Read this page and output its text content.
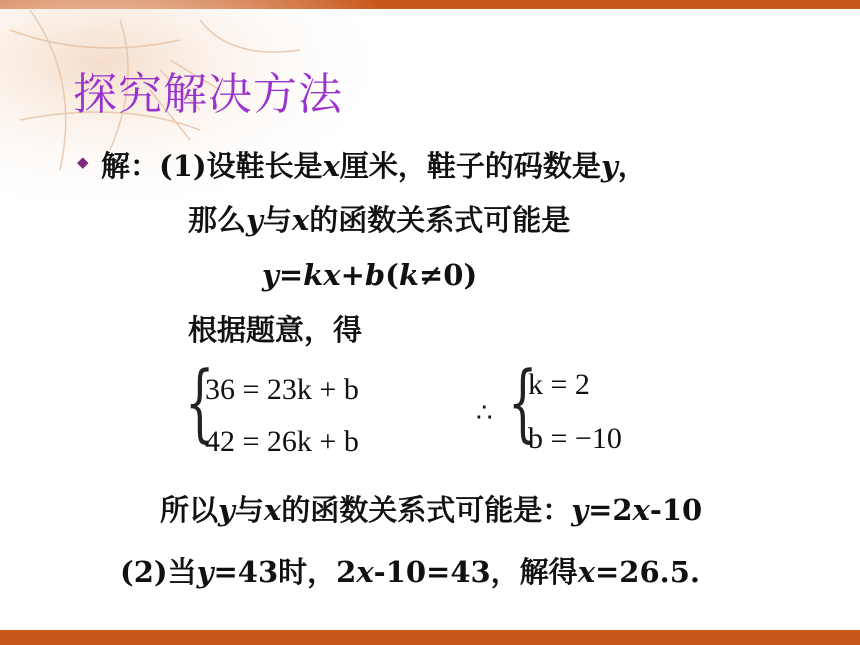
探究解决方法
◆ 解：(1)设鞋长是x厘米，鞋子的码数是y，
那么y与x的函数关系式可能是
y=kx+b(k≠0)
根据题意，得
{
36 = 23k + b
42 = 26k + b
∴ {
k = 2
b = −10
所以y与x的函数关系式可能是：y=2x-10
(2)当y=43时，2x-10=43，解得x=26.5.
